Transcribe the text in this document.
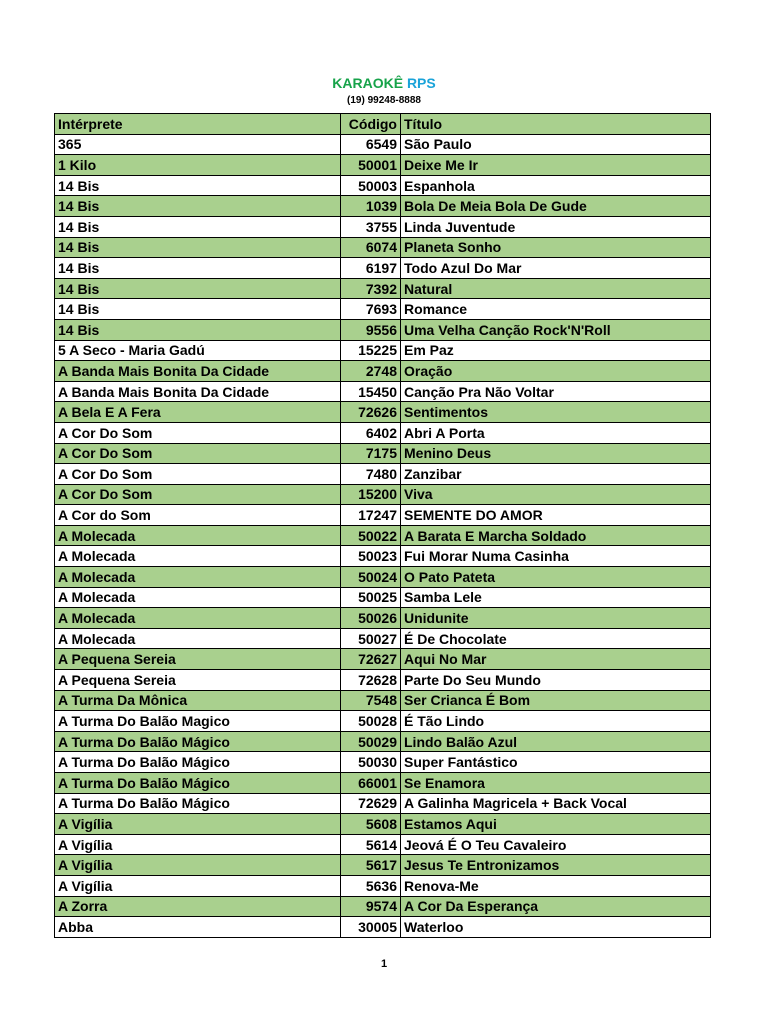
KARAOKÊ RPS
(19) 99248-8888
Intérprete	Código	Título
365	6549	São Paulo
1 Kilo	50001	Deixe Me Ir
14 Bis	50003	Espanhola
14 Bis	1039	Bola De Meia Bola De Gude
14 Bis	3755	Linda Juventude
14 Bis	6074	Planeta Sonho
14 Bis	6197	Todo Azul Do Mar
14 Bis	7392	Natural
14 Bis	7693	Romance
14 Bis	9556	Uma Velha Canção Rock'N'Roll
5 A Seco - Maria Gadú	15225	Em Paz
A Banda Mais Bonita Da Cidade	2748	Oração
A Banda Mais Bonita Da Cidade	15450	Canção Pra Não Voltar
A Bela E A Fera	72626	Sentimentos
A Cor Do Som	6402	Abri A Porta
A Cor Do Som	7175	Menino Deus
A Cor Do Som	7480	Zanzibar
A Cor Do Som	15200	Viva
A Cor do Som	17247	SEMENTE DO AMOR
A Molecada	50022	A Barata E Marcha Soldado
A Molecada	50023	Fui Morar Numa Casinha
A Molecada	50024	O Pato Pateta
A Molecada	50025	Samba Lele
A Molecada	50026	Unidunite
A Molecada	50027	É De Chocolate
A Pequena Sereia	72627	Aqui No Mar
A Pequena Sereia	72628	Parte Do Seu Mundo
A Turma Da Mônica	7548	Ser Crianca É Bom
A Turma Do Balão Magico	50028	É Tão Lindo
A Turma Do Balão Mágico	50029	Lindo Balão Azul
A Turma Do Balão Mágico	50030	Super Fantástico
A Turma Do Balão Mágico	66001	Se Enamora
A Turma Do Balão Mágico	72629	A Galinha Magricela + Back Vocal
A Vigília	5608	Estamos Aqui
A Vigília	5614	Jeová É O Teu Cavaleiro
A Vigília	5617	Jesus Te Entronizamos
A Vigília	5636	Renova-Me
A Zorra	9574	A Cor Da Esperança
Abba	30005	Waterloo
1
